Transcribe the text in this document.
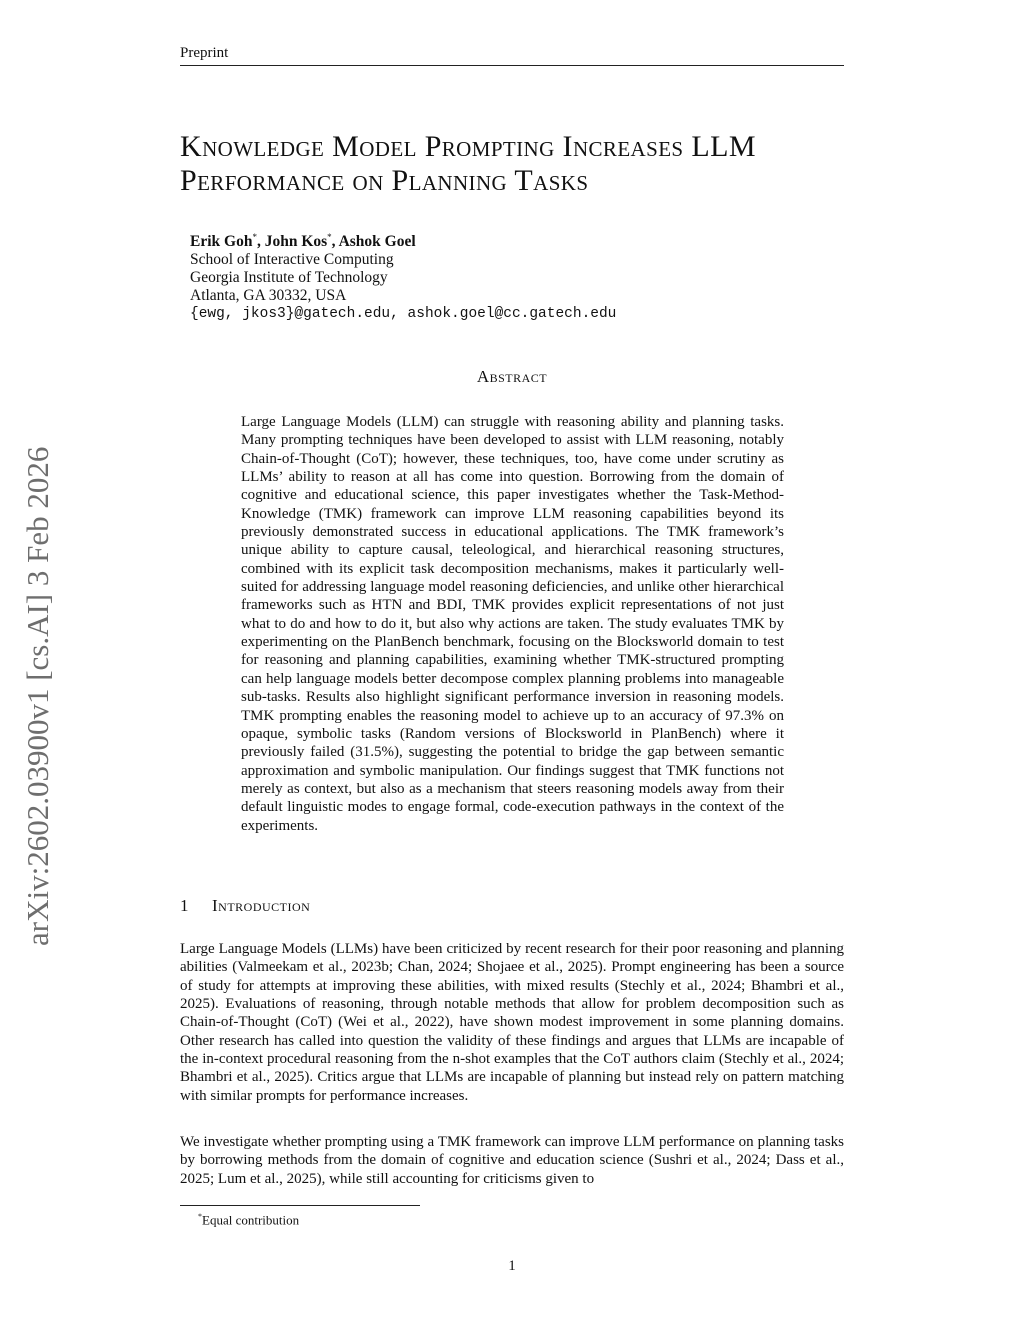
Preprint
Knowledge Model Prompting Increases LLM
Performance on Planning Tasks
Erik Goh*, John Kos*, Ashok Goel
School of Interactive Computing
Georgia Institute of Technology
Atlanta, GA 30332, USA
{ewg, jkos3}@gatech.edu, ashok.goel@cc.gatech.edu
Abstract

Large Language Models (LLM) can struggle with reasoning ability and planning tasks. Many prompting techniques have been developed to assist with LLM reasoning, notably Chain-of-Thought (CoT); however, these techniques, too, have come under scrutiny as LLMs’ ability to reason at all has come into question. Borrowing from the domain of cognitive and educational science, this paper investigates whether the Task-Method-Knowledge (TMK) framework can improve LLM reasoning capabilities beyond its previously demonstrated success in educational applications. The TMK framework’s unique ability to capture causal, teleological, and hierarchical reasoning structures, combined with its explicit task decomposition mechanisms, makes it particularly well-suited for addressing language model reasoning deficiencies, and unlike other hierarchical frameworks such as HTN and BDI, TMK provides explicit representations of not just what to do and how to do it, but also why actions are taken. The study evaluates TMK by experimenting on the PlanBench benchmark, focusing on the Blocksworld domain to test for reasoning and planning capabilities, examining whether TMK-structured prompting can help language models better decompose complex planning problems into manageable sub-tasks. Results also highlight significant performance inversion in reasoning models. TMK prompting enables the reasoning model to achieve up to an accuracy of 97.3% on opaque, symbolic tasks (Random versions of Blocksworld in PlanBench) where it previously failed (31.5%), suggesting the potential to bridge the gap between semantic approximation and symbolic manipulation. Our findings suggest that TMK functions not merely as context, but also as a mechanism that steers reasoning models away from their default linguistic modes to engage formal, code-execution pathways in the context of the experiments.

arXiv:2602.03900v1 [cs.AI] 3 Feb 2026	1 Introduction

Large Language Models (LLMs) have been criticized by recent research for their poor reasoning and planning abilities (Valmeekam et al., 2023b; Chan, 2024; Shojaee et al., 2025). Prompt engineering has been a source of study for attempts at improving these abilities, with mixed results (Stechly et al., 2024; Bhambri et al., 2025). Evaluations of reasoning, through notable methods that allow for problem decomposition such as Chain-of-Thought (CoT) (Wei et al., 2022), have shown modest improvement in some planning domains. Other research has called into question the validity of these findings and argues that LLMs are incapable of the in-context procedural reasoning from the n-shot examples that the CoT authors claim (Stechly et al., 2024; Bhambri et al., 2025). Critics argue that LLMs are incapable of planning but instead rely on pattern matching with similar prompts for performance increases.

We investigate whether prompting using a TMK framework can improve LLM performance on planning tasks by borrowing methods from the domain of cognitive and education science (Sushri et al., 2024; Dass et al., 2025; Lum et al., 2025), while still accounting for criticisms given to

*Equal contribution
1
